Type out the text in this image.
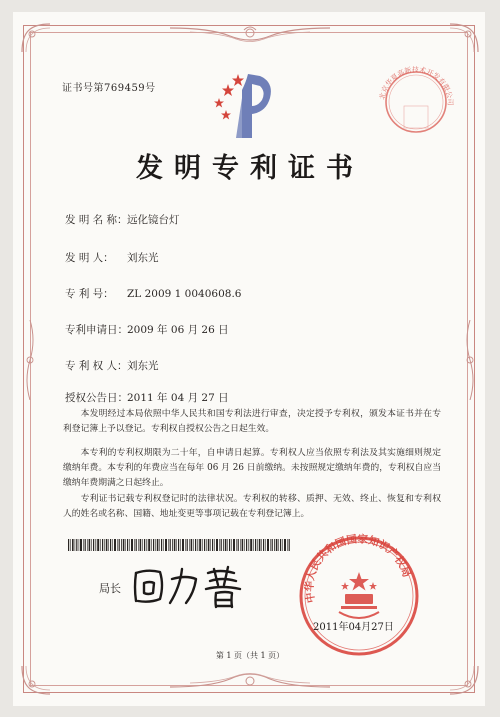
证书号第769459号
北京华夏高新技术开发有限公司
发明专利证书
发 明 名 称：远化镜台灯
发 明 人： 刘东光
专 利 号： ZL 2009 1 0040608.6
专利申请日：2009 年 06 月 26 日
专 利 权 人：刘东光
授权公告日：2011 年 04 月 27 日
本发明经过本局依照中华人民共和国专利法进行审查，决定授予专利权，颁发本证书并在专利登记簿上予以登记。专利权自授权公告之日起生效。
本专利的专利权期限为二十年，自申请日起算。专利权人应当依照专利法及其实施细则规定缴纳年费。本专利的年费应当在每年 06 月 26 日前缴纳。未按照规定缴纳年费的，专利权自应当缴纳年费期满之日起终止。
专利证书记载专利权登记时的法律状况。专利权的转移、质押、无效、终止、恢复和专利权人的姓名或名称、国籍、地址变更等事项记载在专利登记簿上。
局长
中华人民共和国国家知识产权局
2011年04月27日
第 1 页（共 1 页）
